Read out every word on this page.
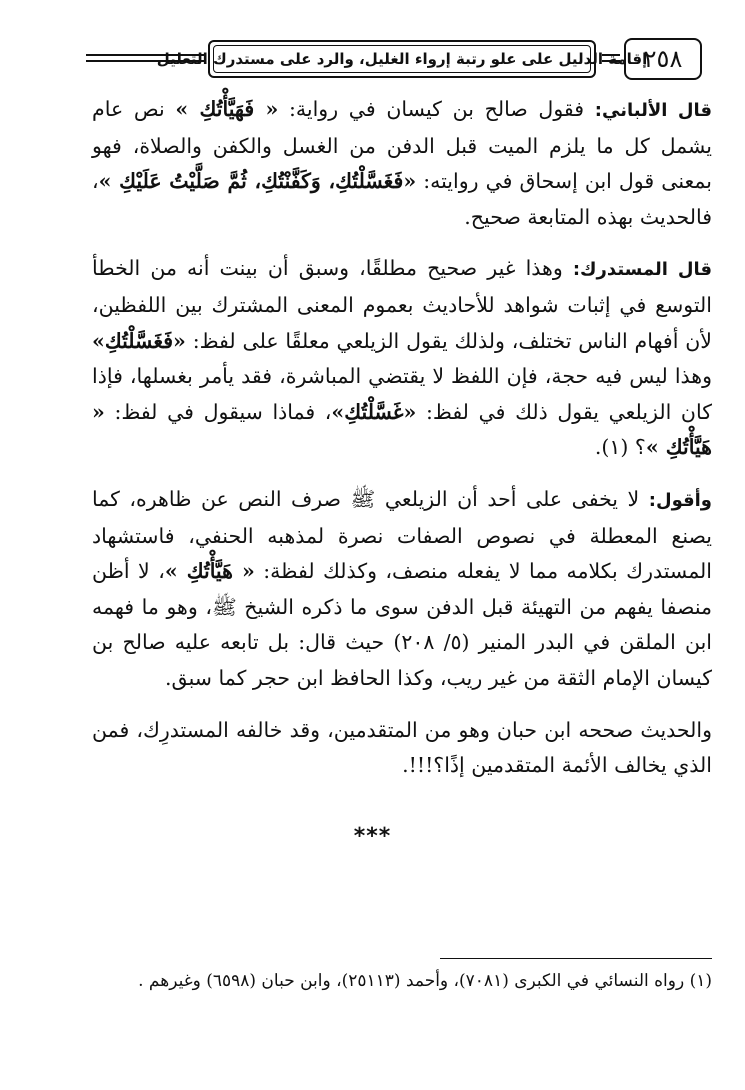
إقامة الدليل على علو رتبة إرواء الغليل، والرد على مستدرك التعليل
٢٥٨

قال الألباني: فقول صالح بن كيسان في رواية: « فَهَيَّأْتُكِ » نص عام يشمل كل ما يلزم الميت قبل الدفن من الغسل والكفن والصلاة، فهو بمعنى قول ابن إسحاق في روايته: «فَغَسَّلْتُكِ، وَكَفَّنْتُكِ، ثُمَّ صَلَّيْتُ عَلَيْكِ »، فالحديث بهذه المتابعة صحيح.

قال المستدرك: وهذا غير صحيح مطلقًا، وسبق أن بينت أنه من الخطأ التوسع في إثبات شواهد للأحاديث بعموم المعنى المشترك بين اللفظين، لأن أفهام الناس تختلف، ولذلك يقول الزيلعي معلقًا على لفظ: «فَغَسَّلْتُكِ» وهذا ليس فيه حجة، فإن اللفظ لا يقتضي المباشرة، فقد يأمر بغسلها، فإذا كان الزيلعي يقول ذلك في لفظ: «غَسَّلْتُكِ»، فماذا سيقول في لفظ: « هَيَّأْتُكِ »؟ (١).

وأقول: لا يخفى على أحد أن الزيلعي ﷺ صرف النص عن ظاهره، كما يصنع المعطلة في نصوص الصفات نصرة لمذهبه الحنفي، فاستشهاد المستدرك بكلامه مما لا يفعله منصف، وكذلك لفظة: « هَيَّأْتُكِ »، لا أظن منصفا يفهم من التهيئة قبل الدفن سوى ما ذكره الشيخ ﷺ، وهو ما فهمه ابن الملقن في البدر المنير (٥/ ٢٠٨) حيث قال: بل تابعه عليه صالح بن كيسان الإمام الثقة من غير ريب، وكذا الحافظ ابن حجر كما سبق.

والحديث صححه ابن حبان وهو من المتقدمين، وقد خالفه المستدرِك، فمن الذي يخالف الأئمة المتقدمين إذًا؟!!!.

***
(١) رواه النسائي في الكبرى (٧٠٨١)، وأحمد (٢٥١١٣)، وابن حبان (٦٥٩٨) وغيرهم .
